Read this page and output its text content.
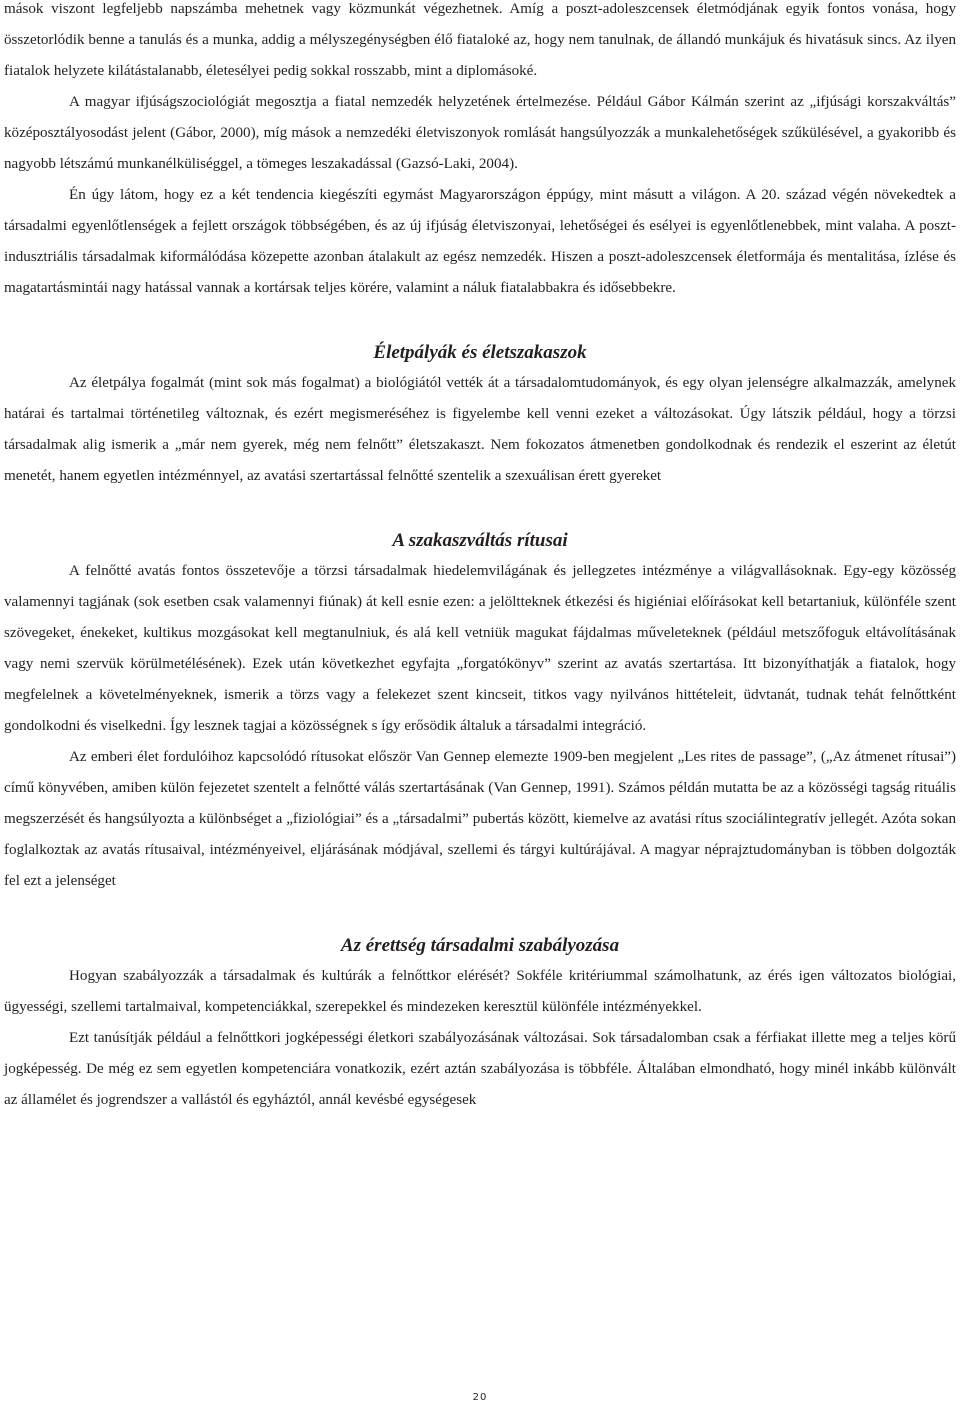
mások viszont legfeljebb napszámba mehetnek vagy közmunkát végezhetnek. Amíg a poszt-adoleszcensek életmódjának egyik fontos vonása, hogy összetorlódik benne a tanulás és a munka, addig a mélyszegénységben élő fiataloké az, hogy nem tanulnak, de állandó munkájuk és hivatásuk sincs. Az ilyen fiatalok helyzete kilátástalanabb, életesélyei pedig sokkal rosszabb, mint a diplomásoké.

A magyar ifjúságszociológiát megosztja a fiatal nemzedék helyzetének értelmezése. Például Gábor Kálmán szerint az „ifjúsági korszakváltás” középosztályosodást jelent (Gábor, 2000), míg mások a nemzedéki életviszonyok romlását hangsúlyozzák a munkalehetőségek szűkülésével, a gyakoribb és nagyobb létszámú munkanélküliséggel, a tömeges leszakadással (Gazsó-Laki, 2004).

Én úgy látom, hogy ez a két tendencia kiegészíti egymást Magyarországon éppúgy, mint másutt a világon. A 20. század végén növekedtek a társadalmi egyenlőtlenségek a fejlett országok többségében, és az új ifjúság életviszonyai, lehetőségei és esélyei is egyenlőtlenebbek, mint valaha. A poszt-indusztriális társadalmak kiformálódása közepette azonban átalakult az egész nemzedék. Hiszen a poszt-adoleszcensek életformája és mentalitása, ízlése és magatartásmintái nagy hatással vannak a kortársak teljes körére, valamint a náluk fiatalabbakra és idősebbekre.

Életpályák és életszakaszok

Az életpálya fogalmát (mint sok más fogalmat) a biológiától vették át a társadalomtudományok, és egy olyan jelenségre alkalmazzák, amelynek határai és tartalmai történetileg változnak, és ezért megismeréséhez is figyelembe kell venni ezeket a változásokat. Úgy látszik például, hogy a törzsi társadalmak alig ismerik a „már nem gyerek, még nem felnőtt” életszakaszt. Nem fokozatos átmenetben gondolkodnak és rendezik el eszerint az életút menetét, hanem egyetlen intézménnyel, az avatási szertartással felnőtté szentelik a szexuálisan érett gyereket

A szakaszváltás rítusai

A felnőtté avatás fontos összetevője a törzsi társadalmak hiedelemvilágának és jellegzetes intézménye a világvallásoknak. Egy-egy közösség valamennyi tagjának (sok esetben csak valamennyi fiúnak) át kell esnie ezen: a jelöltteknek étkezési és higiéniai előírásokat kell betartaniuk, különféle szent szövegeket, énekeket, kultikus mozgásokat kell megtanulniuk, és alá kell vetniük magukat fájdalmas műveleteknek (például metszőfoguk eltávolításának vagy nemi szervük körülmetélésének). Ezek után következhet egyfajta „forgatókönyv” szerint az avatás szertartása. Itt bizonyíthatják a fiatalok, hogy megfelelnek a követelményeknek, ismerik a törzs vagy a felekezet szent kincseit, titkos vagy nyilvános hittételeit, üdvtanát, tudnak tehát felnőttként gondolkodni és viselkedni. Így lesznek tagjai a közösségnek s így erősödik általuk a társadalmi integráció.

Az emberi élet fordulóihoz kapcsolódó rítusokat először Van Gennep elemezte 1909-ben megjelent „Les rites de passage”, („Az átmenet rítusai”) című könyvében, amiben külön fejezetet szentelt a felnőtté válás szertartásának (Van Gennep, 1991). Számos példán mutatta be az a közösségi tagság rituális megszerzését és hangsúlyozta a különbséget a „fiziológiai” és a „társadalmi” pubertás között, kiemelve az avatási rítus szociálintegratív jellegét. Azóta sokan foglalkoztak az avatás rítusaival, intézményeivel, eljárásának módjával, szellemi és tárgyi kultúrájával. A magyar néprajztudományban is többen dolgozták fel ezt a jelenséget

Az érettség társadalmi szabályozása

Hogyan szabályozzák a társadalmak és kultúrák a felnőttkor elérését? Sokféle kritériummal számolhatunk, az érés igen változatos biológiai, ügyességi, szellemi tartalmaival, kompetenciákkal, szerepekkel és mindezeken keresztül különféle intézményekkel.

Ezt tanúsítják például a felnőttkori jogképességi életkori szabályozásának változásai. Sok társadalomban csak a férfiakat illette meg a teljes körű jogképesség. De még ez sem egyetlen kompetenciára vonatkozik, ezért aztán szabályozása is többféle. Általában elmondható, hogy minél inkább különvált az államélet és jogrendszer a vallástól és egyháztól, annál kevésbé egységesek

20
